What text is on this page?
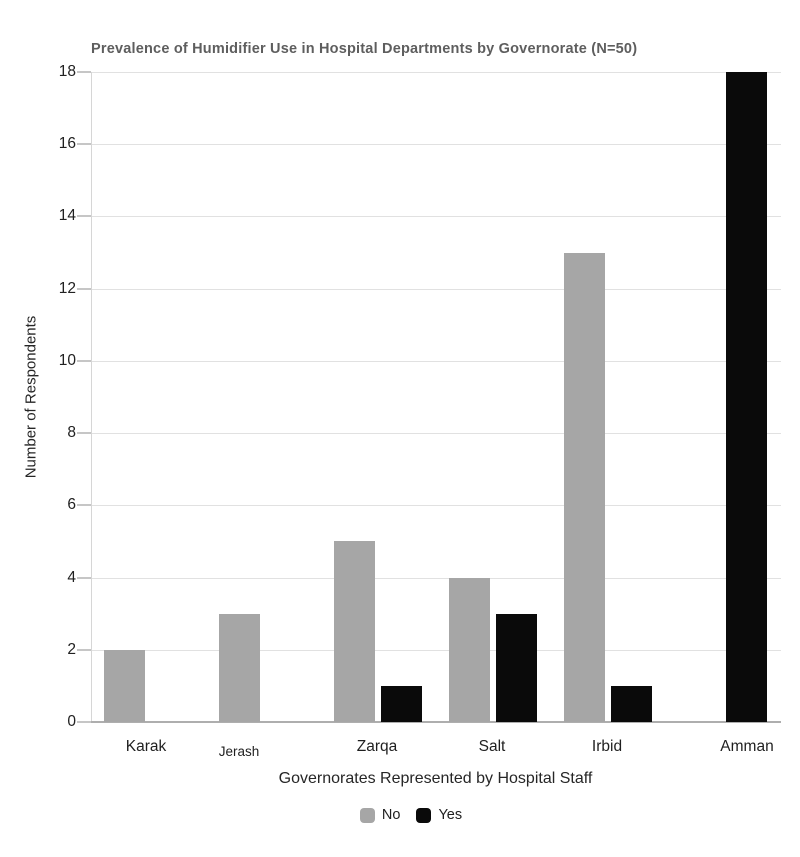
Prevalence of Humidifier Use in Hospital Departments by Governorate (N=50)
Number of Respondents
Governorates Represented by Hospital Staff
No	Yes
0
2
4
6
8
10
12
14
16
18
Karak	Jerash	Zarqa	Salt	Irbid	Amman
